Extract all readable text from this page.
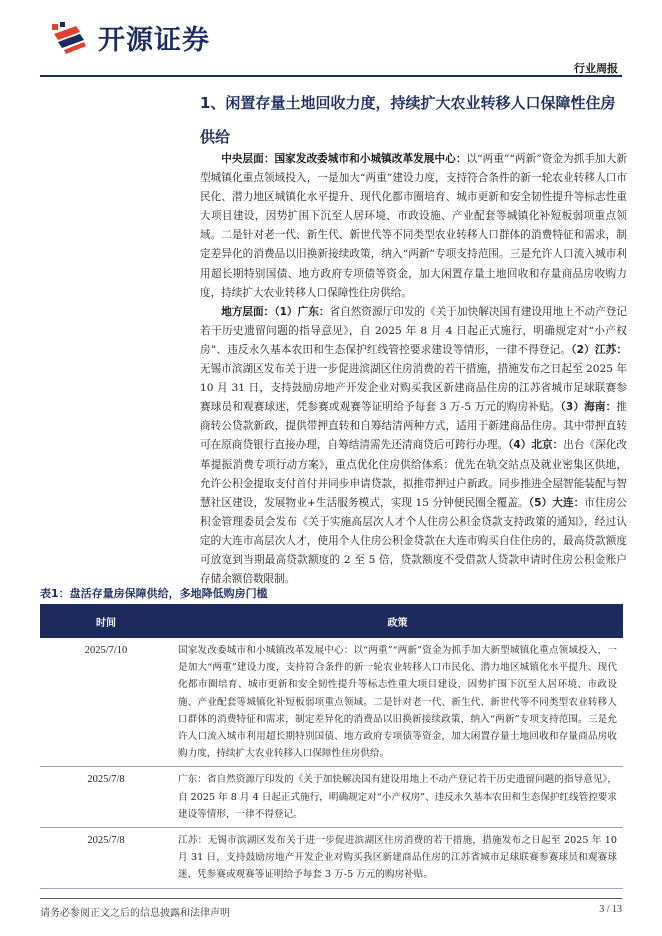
开源证券
行业周报
1、闲置存量土地回收力度，持续扩大农业转移人口保障性住房供给

中央层面：国家发改委城市和小城镇改革发展中心：以“两重”“两新”资金为抓手加大新型城镇化重点领域投入，一是加大“两重”建设力度，支持符合条件的新一轮农业转移人口市民化、潜力地区城镇化水平提升、现代化都市圈培育、城市更新和安全韧性提升等标志性重大项目建设，因势扩围下沉至人居环境、市政设施、产业配套等城镇化补短板弱项重点领域。二是针对老一代、新生代、新世代等不同类型农业转移人口群体的消费特征和需求，制定差异化的消费品以旧换新接续政策，纳入“两新”专项支持范围。三是允许人口流入城市利用超长期特别国债、地方政府专项债等资金，加大闲置存量土地回收和存量商品房收购力度，持续扩大农业转移人口保障性住房供给。

地方层面：（1）广东：省自然资源厅印发的《关于加快解决国有建设用地上不动产登记若干历史遗留问题的指导意见》，自 2025 年 8 月 4 日起正式施行，明确规定对“小产权房”、违反永久基本农田和生态保护红线管控要求建设等情形，一律不得登记。（2）江苏：无锡市滨湖区发布关于进一步促进滨湖区住房消费的若干措施，措施发布之日起至 2025 年 10 月 31 日，支持鼓励房地产开发企业对购买我区新建商品住房的江苏省城市足球联赛参赛球员和观赛球迷，凭参赛或观赛等证明给予每套 3 万-5 万元的购房补贴。（3）海南：推商转公贷款新政，提供带押直转和自筹结清两种方式，适用于新建商品住房。其中带押直转可在原商贷银行直接办理，自筹结清需先还清商贷后可跨行办理。（4）北京：出台《深化改革提振消费专项行动方案》，重点优化住房供给体系：优先在轨交站点及就业密集区供地，允许公积金提取支付首付并同步申请贷款，拟推带押过户新政。同步推进全屋智能装配与智慧社区建设，发展物业+生活服务模式，实现 15 分钟便民圈全覆盖。（5）大连：市住房公积金管理委员会发布《关于实施高层次人才个人住房公积金贷款支持政策的通知》，经过认定的大连市高层次人才，使用个人住房公积金贷款在大连市购买自住住房的，最高贷款额度可放宽到当期最高贷款额度的 2 至 5 倍，贷款额度不受借款人贷款申请时住房公积金账户存储余额倍数限制。

表1：盘活存量房保障供给，多地降低购房门槛
时间	政策
2025/7/10	国家发改委城市和小城镇改革发展中心：以“两重”“两新”资金为抓手加大新型城镇化重点领域投入，一是加大“两重”建设力度，支持符合条件的新一轮农业转移人口市民化、潜力地区城镇化水平提升、现代化都市圈培育、城市更新和安全韧性提升等标志性重大项目建设，因势扩围下沉至人居环境、市政设施、产业配套等城镇化补短板弱项重点领域。二是针对老一代、新生代、新世代等不同类型农业转移人口群体的消费特征和需求，制定差异化的消费品以旧换新接续政策，纳入“两新”专项支持范围。三是允许人口流入城市利用超长期特别国债、地方政府专项债等资金，加大闲置存量土地回收和存量商品房收购力度，持续扩大农业转移人口保障性住房供给。
2025/7/8	广东：省自然资源厅印发的《关于加快解决国有建设用地上不动产登记若干历史遗留问题的指导意见》，自 2025 年 8 月 4 日起正式施行，明确规定对“小产权房”、违反永久基本农田和生态保护红线管控要求建设等情形，一律不得登记。
2025/7/8	江苏：无锡市滨湖区发布关于进一步促进滨湖区住房消费的若干措施，措施发布之日起至 2025 年 10 月 31 日，支持鼓励房地产开发企业对购买我区新建商品住房的江苏省城市足球联赛参赛球员和观赛球迷，凭参赛或观赛等证明给予每套 3 万-5 万元的购房补贴。
请务必参阅正文之后的信息披露和法律声明	3 / 13
